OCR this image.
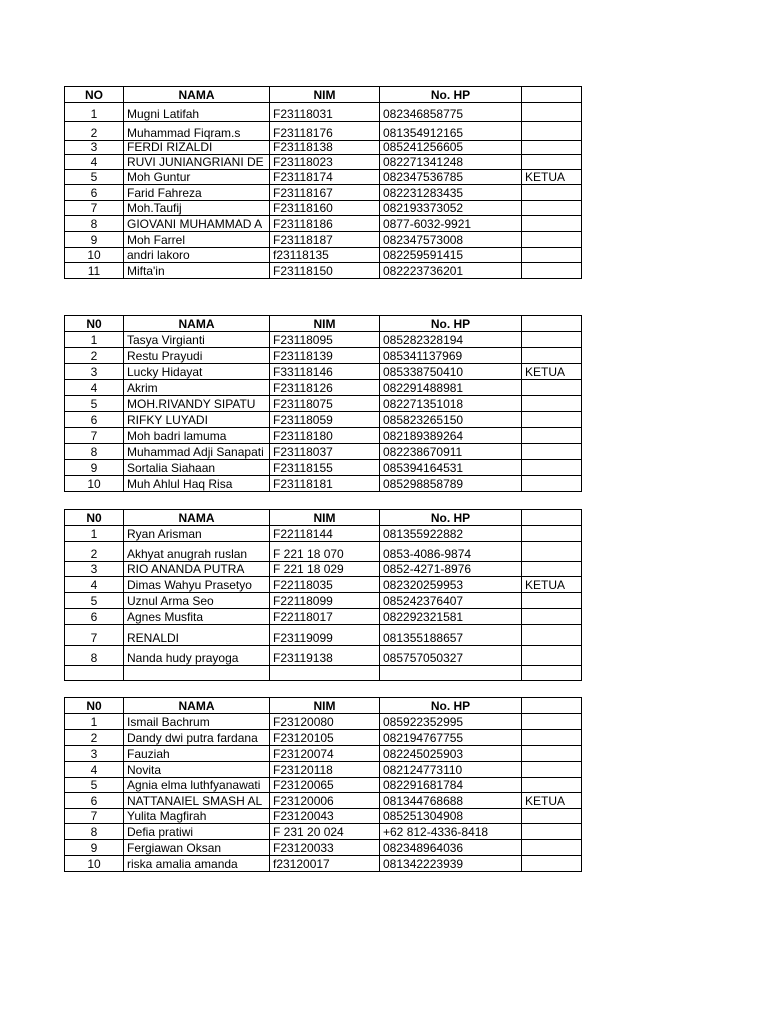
NO	NAMA	NIM	No. HP	
1	Mugni Latifah	F23118031	082346858775	
2	Muhammad Fiqram.s	F23118176	081354912165	
3	FERDI RIZALDI	F23118138	085241256605	
4	RUVI JUNIANGRIANI DE	F23118023	082271341248	
5	Moh Guntur	F23118174	082347536785	KETUA
6	Farid Fahreza	F23118167	082231283435	
7	Moh.Taufij	F23118160	082193373052	
8	GIOVANI MUHAMMAD A	F23118186	0877-6032-9921	
9	Moh Farrel	F23118187	082347573008	
10	andri lakoro	f23118135	082259591415	
11	Mifta'in	F23118150	082223736201	
N0	NAMA	NIM	No. HP	
1	Tasya Virgianti	F23118095	085282328194	
2	Restu Prayudi	F23118139	085341137969	
3	Lucky Hidayat	F33118146	085338750410	KETUA
4	Akrim	F23118126	082291488981	
5	MOH.RIVANDY SIPATU	F23118075	082271351018	
6	RIFKY LUYADI	F23118059	085823265150	
7	Moh badri lamuma	F23118180	082189389264	
8	Muhammad Adji Sanapati	F23118037	082238670911	
9	Sortalia Siahaan	F23118155	085394164531	
10	Muh Ahlul Haq Risa	F23118181	085298858789	
N0	NAMA	NIM	No. HP	
1	Ryan Arisman	F22118144	081355922882	
2	Akhyat anugrah ruslan	F 221 18 070	0853-4086-9874	
3	RIO ANANDA PUTRA	F 221 18 029	0852-4271-8976	
4	Dimas Wahyu Prasetyo	F22118035	082320259953	KETUA
5	Uznul Arma Seo	F22118099	085242376407	
6	Agnes Musfita	F22118017	082292321581	
7	RENALDI	F23119099	081355188657	
8	Nanda hudy prayoga	F23119138	085757050327	

N0	NAMA	NIM	No. HP	
1	Ismail Bachrum	F23120080	085922352995	
2	Dandy dwi putra fardana	F23120105	082194767755	
3	Fauziah	F23120074	082245025903	
4	Novita	F23120118	082124773110	
5	Agnia elma luthfyanawati	F23120065	082291681784	
6	NATTANAIEL SMASH AL	F23120006	081344768688	KETUA
7	Yulita Magfirah	F23120043	085251304908	
8	Defia pratiwi	F 231 20 024	+62 812-4336-8418	
9	Fergiawan Oksan	F23120033	082348964036	
10	riska amalia amanda	f23120017	081342223939	
